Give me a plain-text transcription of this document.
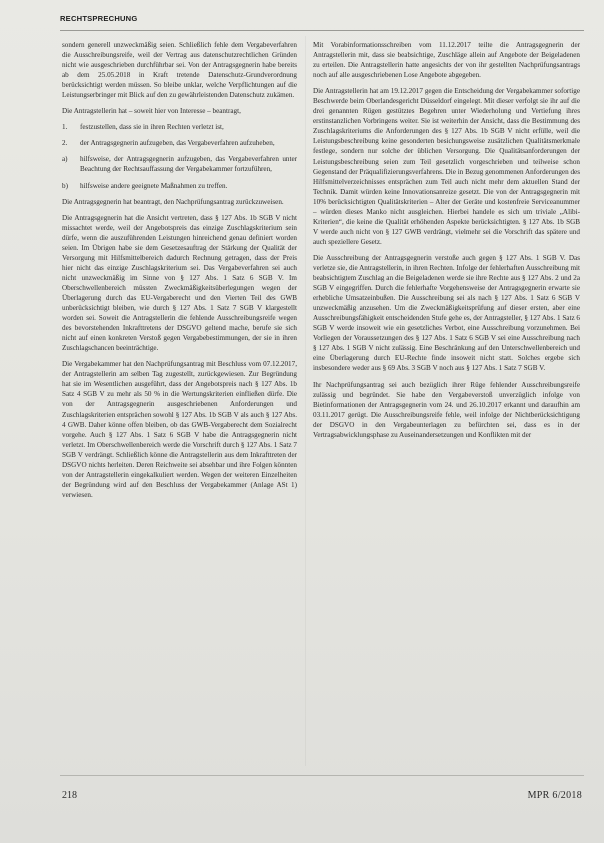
RECHTSPRECHUNG

sondern generell unzweckmäßig seien. Schließlich fehle dem Vergabeverfahren die Ausschreibungsreife, weil der Vertrag aus datenschutzrechtlichen Gründen nicht wie ausgeschrieben durchführbar sei. Von der Antragsgegnerin habe bereits ab dem 25.05.2018 in Kraft tretende Datenschutz-Grundverordnung berücksichtigt werden müssen. So bleibe unklar, welche Verpflichtungen auf die Leistungserbringer mit Blick auf den zu gewährleistenden Datenschutz zukämen.

Die Antragstellerin hat – soweit hier von Interesse – beantragt,

1.	festzustellen, dass sie in ihren Rechten verletzt ist,
2.	der Antragsgegnerin aufzugeben, das Vergabeverfahren aufzuheben,
a)	hilfsweise, der Antragsgegnerin aufzugeben, das Vergabeverfahren unter Beachtung der Rechtsauffassung der Vergabekammer fortzuführen,
b)	hilfsweise andere geeignete Maßnahmen zu treffen.

Die Antragsgegnerin hat beantragt, den Nachprüfungsantrag zurückzuweisen.

Die Antragsgegnerin hat die Ansicht vertreten, dass § 127 Abs. 1b SGB V nicht missachtet werde, weil der Angebotspreis das einzige Zuschlagskriterium sein dürfe, wenn die auszuführenden Leistungen hinreichend genau definiert worden seien. Im Übrigen habe sie dem Gesetzesauftrag der Stärkung der Qualität der Versorgung mit Hilfsmittelbereich dadurch Rechnung getragen, dass der Preis hier nicht das einzige Zuschlagskriterium sei. Das Vergabeverfahren sei auch nicht unzweckmäßig im Sinne von § 127 Abs. 1 Satz 6 SGB V. Im Oberschwellenbereich müssten Zweckmäßigkeitsüberlegungen wegen der Überlagerung durch das EU-Vergaberecht und den Vierten Teil des GWB unberücksichtigt bleiben, wie durch § 127 Abs. 1 Satz 7 SGB V klargestellt worden sei. Soweit die Antragstellerin die fehlende Ausschreibungsreife wegen des bevorstehenden Inkrafttretens der DSGVO geltend mache, berufe sie sich nicht auf einen konkreten Verstoß gegen Vergabebestimmungen, der sie in ihren Zuschlagschancen beeinträchtige.

Die Vergabekammer hat den Nachprüfungsantrag mit Beschluss vom 07.12.2017, der Antragstellerin am selben Tag zugestellt, zurückgewiesen. Zur Begründung hat sie im Wesentlichen ausgeführt, dass der Angebotspreis nach § 127 Abs. 1b Satz 4 SGB V zu mehr als 50 % in die Wertungskriterien einfließen dürfe. Die von der Antragsgegnerin ausgeschriebenen Anforderungen und Zuschlagskriterien entsprächen sowohl § 127 Abs. 1b SGB V als auch § 127 Abs. 4 GWB. Daher könne offen bleiben, ob das GWB-Vergaberecht dem Sozialrecht vorgehe. Auch § 127 Abs. 1 Satz 6 SGB V habe die Antragsgegnerin nicht verletzt. Im Oberschwellenbereich werde die Vorschrift durch § 127 Abs. 1 Satz 7 SGB V verdrängt. Schließlich könne die Antragstellerin aus dem Inkrafttreten der DSGVO nichts herleiten. Deren Reichweite sei absehbar und ihre Folgen könnten von der Antragstellerin eingekalkuliert werden. Wegen der weiteren Einzelheiten der Begründung wird auf den Beschluss der Vergabekammer (Anlage ASt 1) verwiesen.

Mit Vorabinformationsschreiben vom 11.12.2017 teilte die Antragsgegnerin der Antragstellerin mit, dass sie beabsichtige, Zuschläge allein auf Angebote der Beigeladenen zu erteilen. Die Antragstellerin hatte angesichts der von ihr gestellten Nachprüfungsantrags noch auf alle ausgeschriebenen Lose Angebote abgegeben.

Die Antragstellerin hat am 19.12.2017 gegen die Entscheidung der Vergabekammer sofortige Beschwerde beim Oberlandesgericht Düsseldorf eingelegt. Mit dieser verfolgt sie ihr auf die drei genannten Rügen gestütztes Begehren unter Wiederholung und Vertiefung ihres erstinstanzlichen Vorbringens weiter. Sie ist weiterhin der Ansicht, dass die Bestimmung des Zuschlagskriteriums die Anforderungen des § 127 Abs. 1b SGB V nicht erfülle, weil die Leistungsbeschreibung keine gesonderten besichungsweise zusätzlichen Qualitätsmerkmale festlege, sondern nur solche der üblichen Versorgung. Die Qualitätsanforderungen der Leistungsbeschreibung seien zum Teil gesetzlich vorgeschrieben und teilweise schon Gegenstand der Präqualifizierungsverfahrens. Die in Bezug genommenen Anforderungen des Hilfsmittelverzeichnisses entsprächen zum Teil auch nicht mehr dem aktuellen Stand der Technik. Damit würden keine Innovationsanreize gesetzt. Die von der Antragsgegnerin mit 10% berücksichtigten Qualitätskriterien – Alter der Geräte und kostenfreie Serviceanummer – würden dieses Manko nicht ausgleichen. Hierbei handele es sich um triviale „Alibi-Kriterien“, die keine die Qualität erhöhenden Aspekte berücksichtigten. § 127 Abs. 1b SGB V werde auch nicht von § 127 GWB verdrängt, vielmehr sei die Vorschrift das spätere und auch speziellere Gesetz.

Die Ausschreibung der Antragsgegnerin verstoße auch gegen § 127 Abs. 1 SGB V. Das verletze sie, die Antragstellerin, in ihren Rechten. Infolge der fehlerhaften Ausschreibung mit beabsichtigtem Zuschlag an die Beigeladenen werde sie ihre Rechte aus § 127 Abs. 2 und 2a SGB V eingegriffen. Durch die fehlerhafte Vorgehensweise der Antragsgegnerin erwarte sie erhebliche Umsatzeinbußen. Die Ausschreibung sei als nach § 127 Abs. 1 Satz 6 SGB V unzweckmäßig anzusehen. Um die Zweckmäßigkeitsprüfung auf dieser ersten, aber eine Ausschreibungsfähigkeit entscheidenden Stufe gehe es, der Antragsteller, § 127 Abs. 1 Satz 6 SGB V werde insoweit wie ein gesetzliches Verbot, eine Ausschreibung vorzunehmen. Bei Vorliegen der Voraussetzungen des § 127 Abs. 1 Satz 6 SGB V sei eine Ausschreibung nach § 127 Abs. 1 SGB V nicht zulässig. Eine Beschränkung auf den Unterschwellenbereich und eine Überlagerung durch EU-Rechte finde insoweit nicht statt. Solches ergebe sich insbesondere weder aus § 69 Abs. 3 SGB V noch aus § 127 Abs. 1 Satz 7 SGB V.

Ihr Nachprüfungsantrag sei auch bezüglich ihrer Rüge fehlender Ausschreibungsreife zulässig und begründet. Sie habe den Vergabeverstoß unverzüglich infolge von Bietinformationen der Antragsgegnerin vom 24. und 26.10.2017 erkannt und daraufhin am 03.11.2017 gerügt. Die Ausschreibungsreife fehle, weil infolge der Nichtberücksichtigung der DSGVO in den Vergabeunterlagen zu befürchten sei, dass es in der Vertragsabwicklungsphase zu Auseinandersetzungen und Konflikten mit der

218	MPR 6/2018
